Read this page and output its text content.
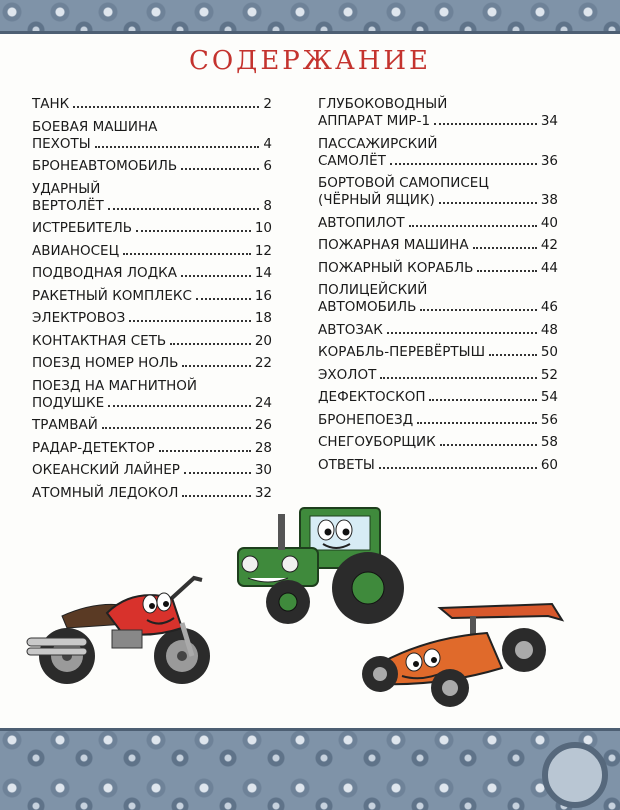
СОДЕРЖАНИЕ
ТАНК	2
БОЕВАЯ МАШИНА
ПЕХОТЫ	4
БРОНЕАВТОМОБИЛЬ	6
УДАРНЫЙ
ВЕРТОЛЁТ	8
ИСТРЕБИТЕЛЬ	10
АВИАНОСЕЦ	12
ПОДВОДНАЯ ЛОДКА	14
РАКЕТНЫЙ КОМПЛЕКС	16
ЭЛЕКТРОВОЗ	18
КОНТАКТНАЯ СЕТЬ	20
ПОЕЗД НОМЕР НОЛЬ	22
ПОЕЗД НА МАГНИТНОЙ
ПОДУШКЕ	24
ТРАМВАЙ	26
РАДАР-ДЕТЕКТОР	28
ОКЕАНСКИЙ ЛАЙНЕР	30
АТОМНЫЙ ЛЕДОКОЛ	32
ГЛУБОКОВОДНЫЙ
АППАРАТ МИР-1	34
ПАССАЖИРСКИЙ
САМОЛЁТ	36
БОРТОВОЙ САМОПИСЕЦ
(ЧЁРНЫЙ ЯЩИК)	38
АВТОПИЛОТ	40
ПОЖАРНАЯ МАШИНА	42
ПОЖАРНЫЙ КОРАБЛЬ	44
ПОЛИЦЕЙСКИЙ
АВТОМОБИЛЬ	46
АВТОЗАК	48
КОРАБЛЬ-ПЕРЕВЁРТЫШ	50
ЭХОЛОТ	52
ДЕФЕКТОСКОП	54
БРОНЕПОЕЗД	56
СНЕГОУБОРЩИК	58
ОТВЕТЫ	60
